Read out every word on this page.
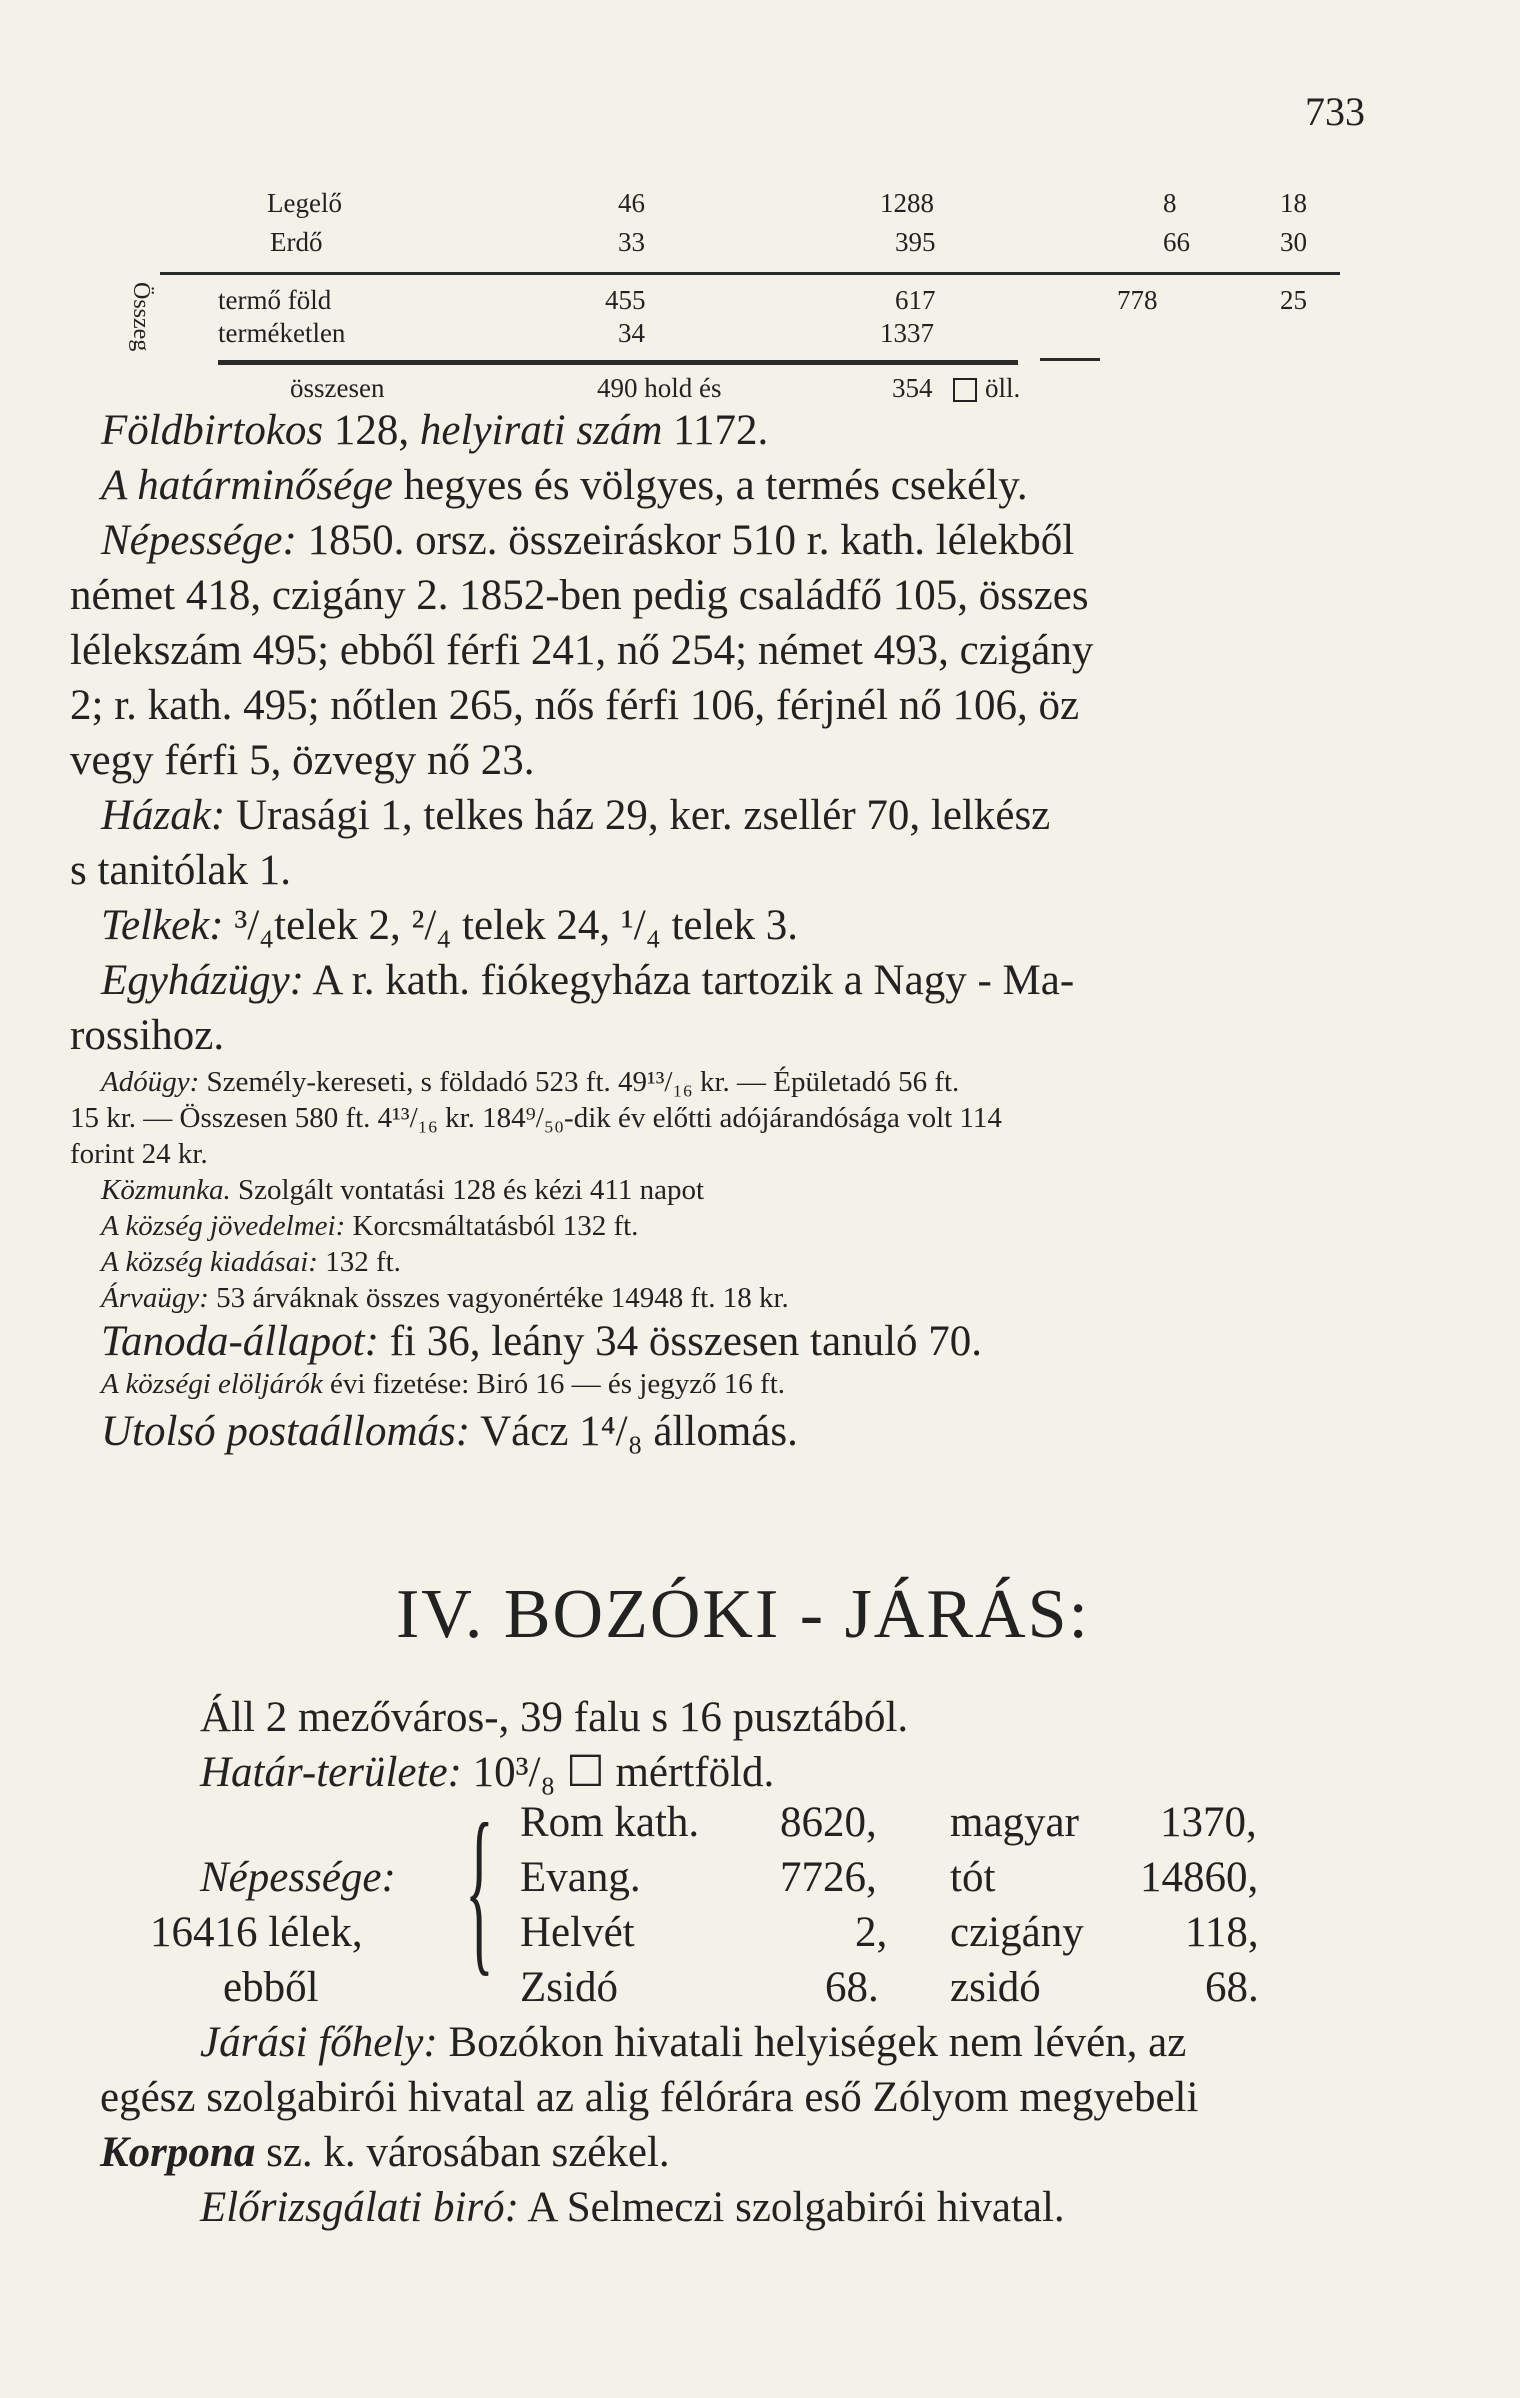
733
Legelő	46	1288	8	18
Erdő	33	395	66	30
Összeg termő föld	455	617	778	25
terméketlen	34	1337
összesen	490 hold és	354 öll.
Földbirtokos 128, helyirati szám 1172.
A határminősége hegyes és völgyes, a termés csekély.
Népessége: 1850. orsz. összeiráskor 510 r. kath. lélekből
német 418, czigány 2. 1852-ben pedig családfő 105, összes
lélekszám 495; ebből férfi 241, nő 254; német 493, czigány
2; r. kath. 495; nőtlen 265, nős férfi 106, férjnél nő 106, öz
vegy férfi 5, özvegy nő 23.
Házak: Urasági 1, telkes ház 29, ker. zsellér 70, lelkész
s tanitólak 1.
Telkek: ³/₄telek 2, ²/₄ telek 24, ¹/₄ telek 3.
Egyházügy: A r. kath. fiókegyháza tartozik a Nagy - Ma-
rossihoz.
Adóügy: Személy-kereseti, s földadó 523 ft. 49¹³/₁₆ kr. — Épületadó 56 ft.
15 kr. — Összesen 580 ft. 4¹³/₁₆ kr. 184⁹/₅₀-dik év előtti adójárandósága volt 114
forint 24 kr.
Közmunka. Szolgált vontatási 128 és kézi 411 napot
A község jövedelmei: Korcsmáltatásból 132 ft.
A község kiadásai: 132 ft.
Árvaügy: 53 árváknak összes vagyonértéke 14948 ft. 18 kr.
Tanoda-állapot: fi 36, leány 34 összesen tanuló 70.
A községi elöljárók évi fizetése: Biró 16 — és jegyző 16 ft.
Utolsó postaállomás: Vácz 1⁴/₈ állomás.
IV. BOZÓKI - JÁRÁS:
Áll 2 mezőváros-, 39 falu s 16 pusztából.
Határ-területe: 10³/₈ ☐ mértföld.
Népessége:
16416 lélek,
ebből { Rom kath. 8620, magyar 1370,
Evang.	7726, tót	14860,
Helvét	2, czigány 118,
Zsidó	68. zsidó	68.
Járási főhely: Bozókon hivatali helyiségek nem lévén, az
egész szolgabirói hivatal az alig félórára eső Zólyom megyebeli
Korpona sz. k. városában székel.
Előrizsgálati biró: A Selmeczi szolgabirói hivatal.
